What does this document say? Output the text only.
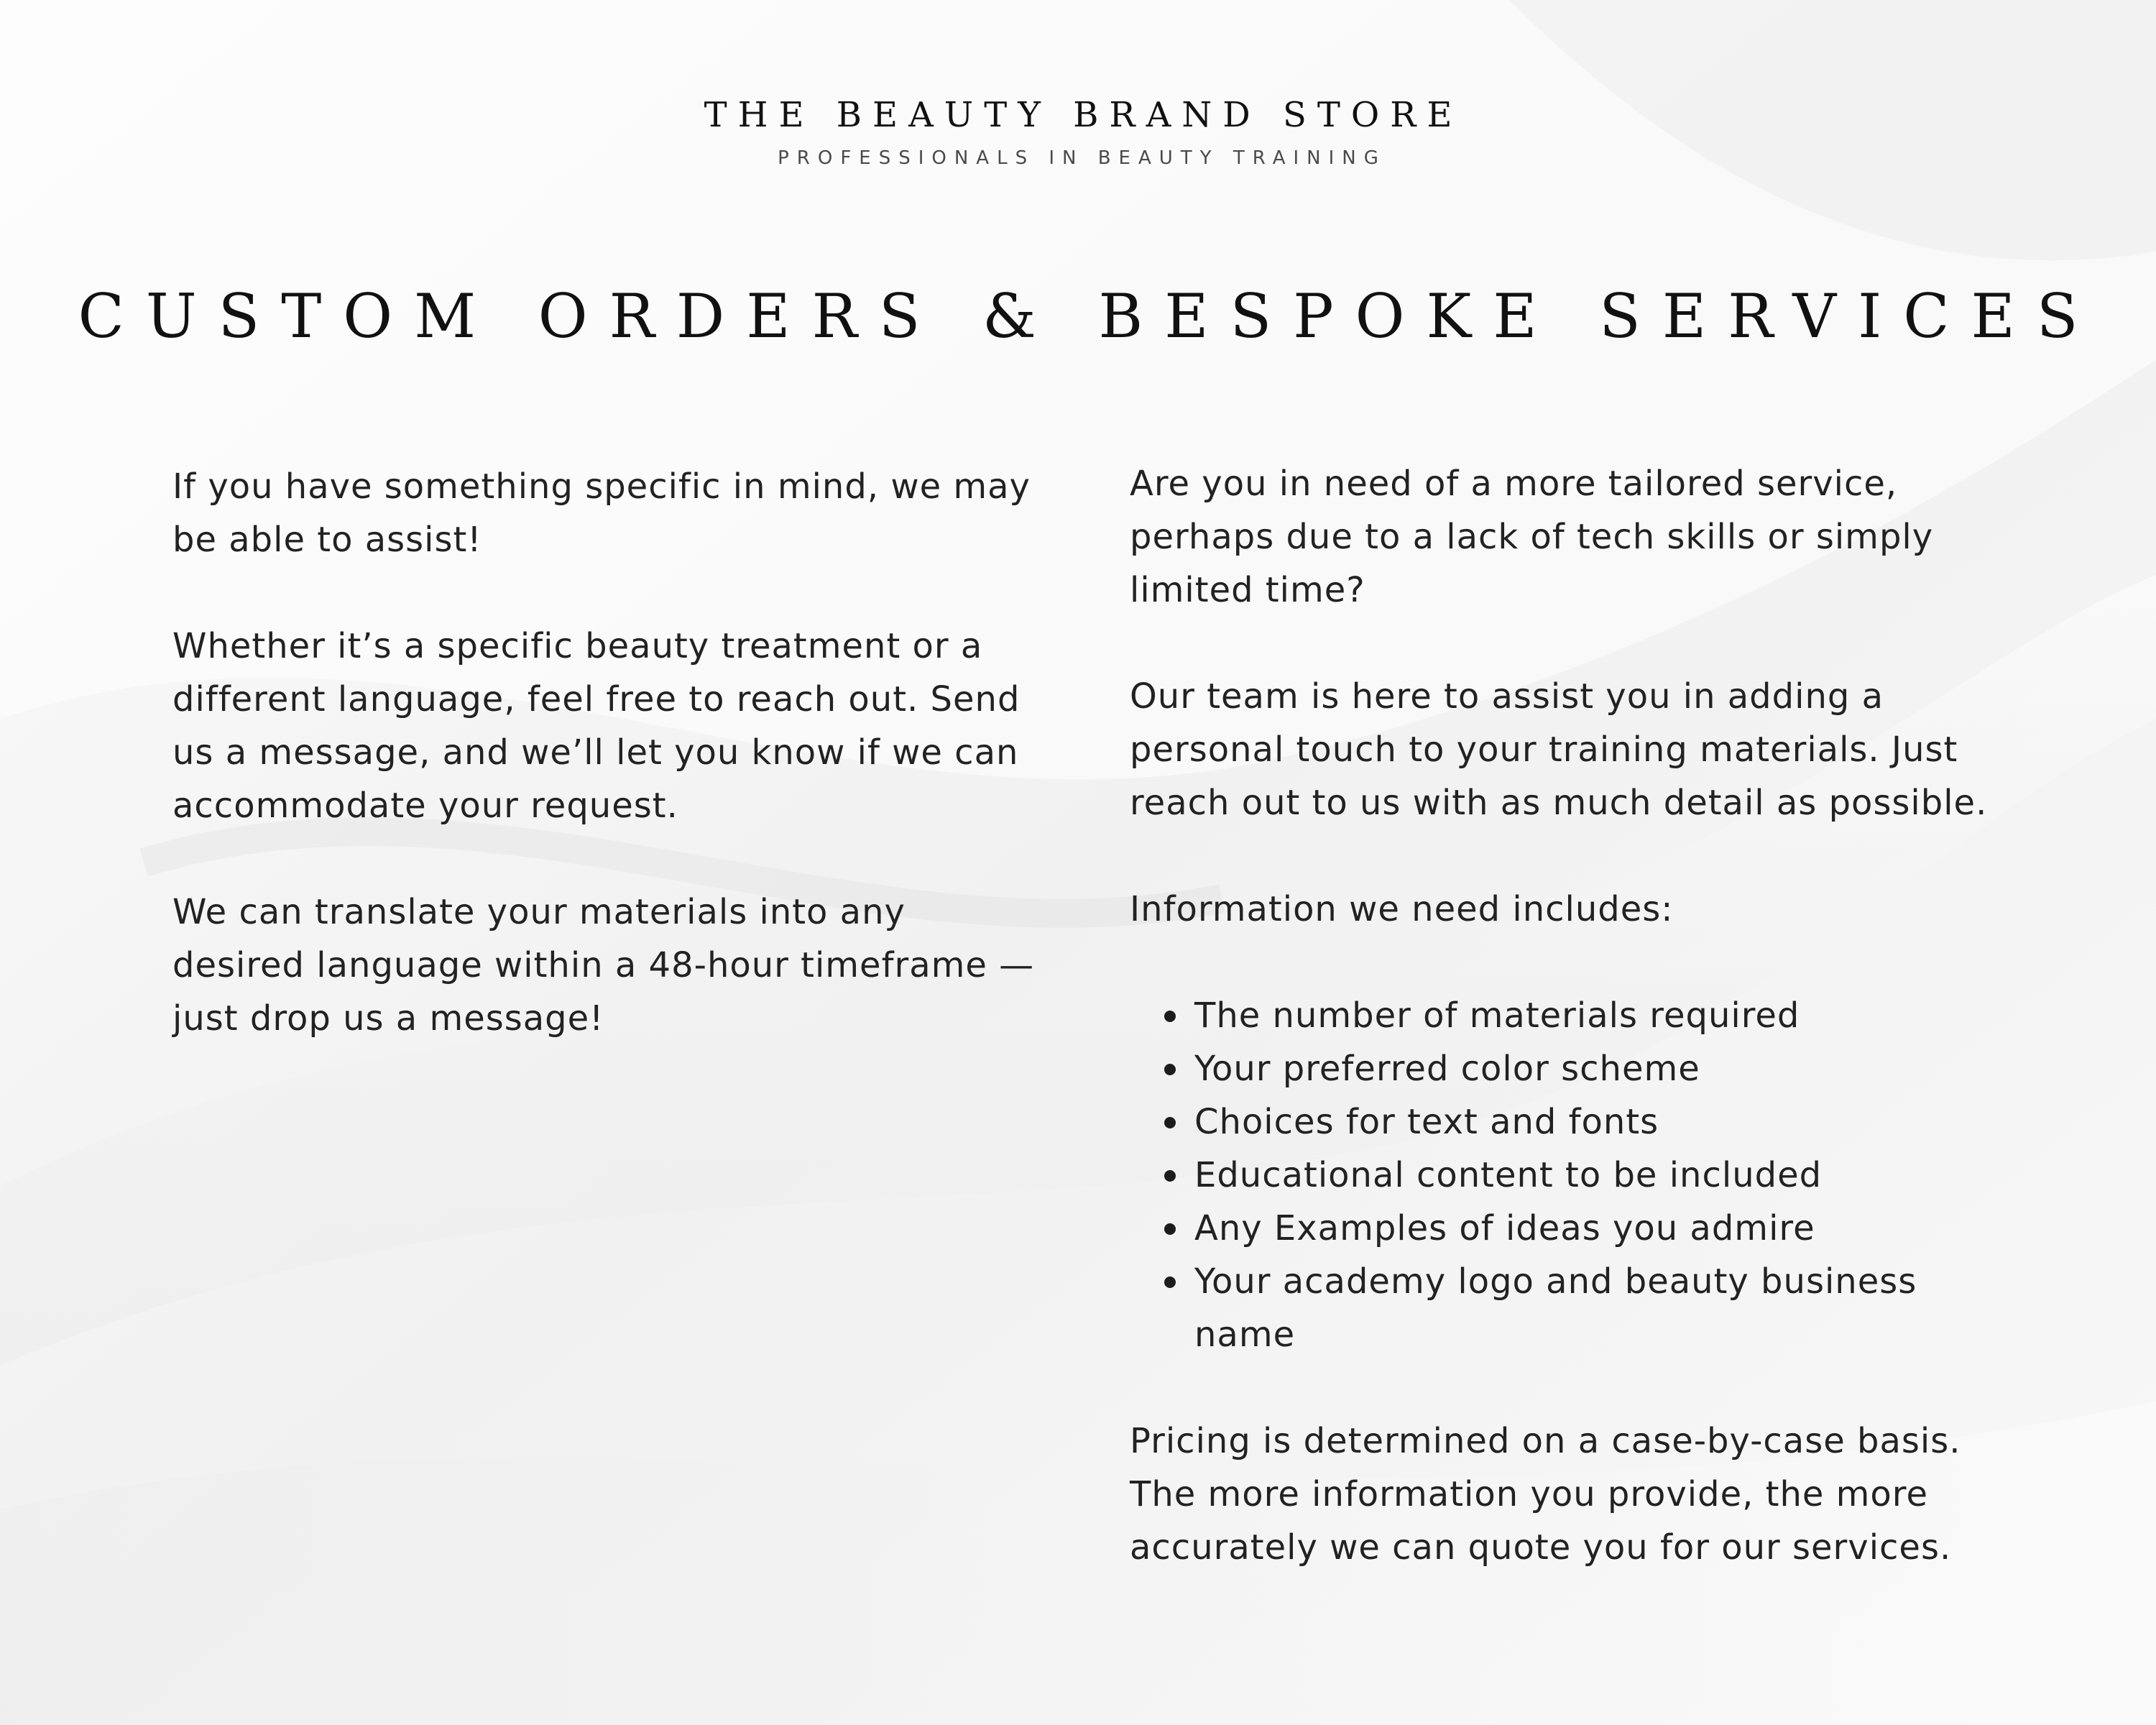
THE BEAUTY BRAND STORE
PROFESSIONALS IN BEAUTY TRAINING
CUSTOM ORDERS & BESPOKE SERVICES

If you have something specific in mind, we may be able to assist!

Whether it’s a specific beauty treatment or a different language, feel free to reach out. Send us a message, and we’ll let you know if we can accommodate your request.

We can translate your materials into any desired language within a 48-hour timeframe —just drop us a message!

Are you in need of a more tailored service, perhaps due to a lack of tech skills or simply limited time?

Our team is here to assist you in adding a personal touch to your training materials. Just reach out to us with as much detail as possible.

Information we need includes:

The number of materials required
Your preferred color scheme
Choices for text and fonts
Educational content to be included
Any Examples of ideas you admire
Your academy logo and beauty business name

Pricing is determined on a case-by-case basis. The more information you provide, the more accurately we can quote you for our services.
